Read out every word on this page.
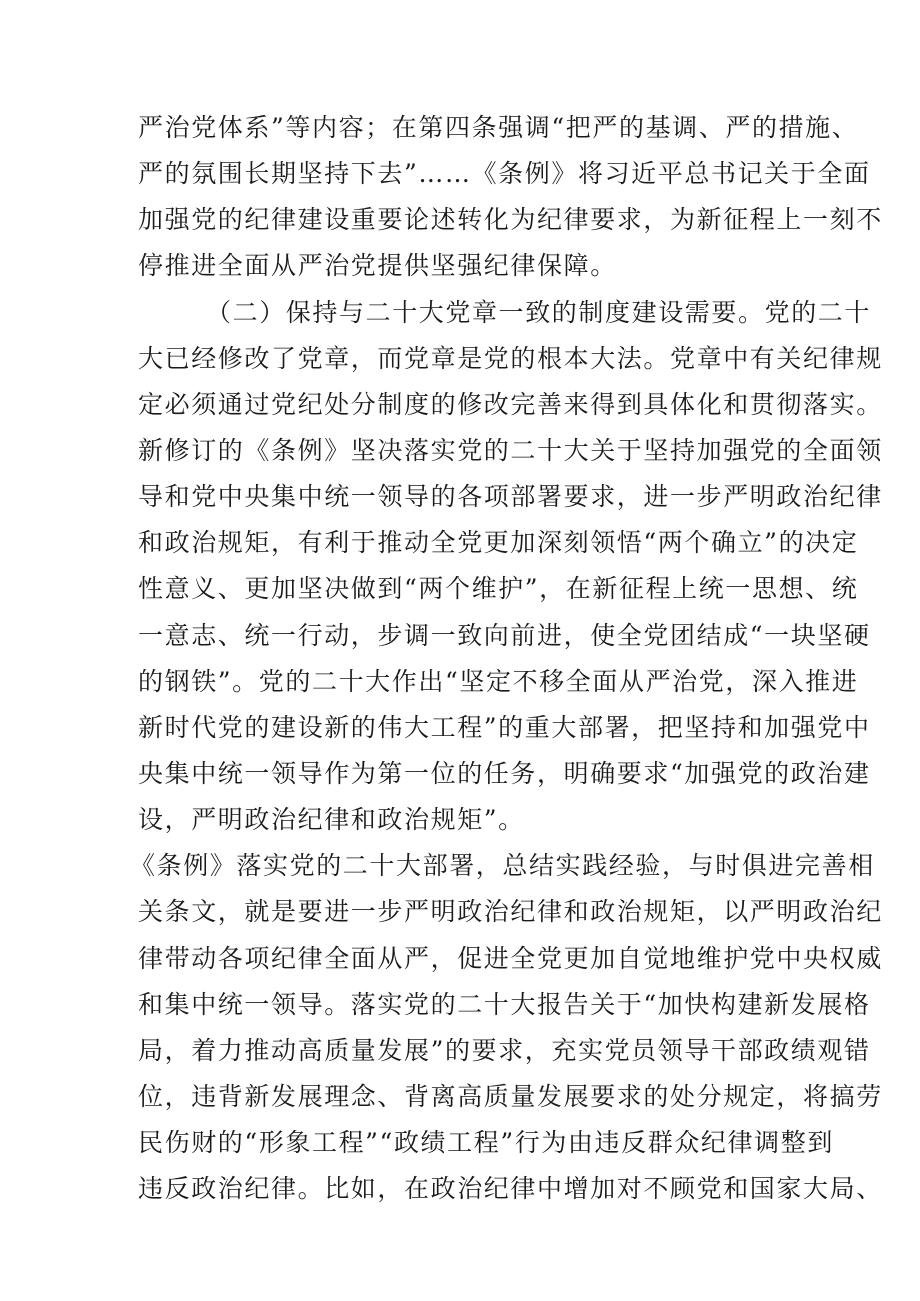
严治党体系”等内容；在第四条强调“把严的基调、严的措施、
严的氛围长期坚持下去”……《条例》将习近平总书记关于全面
加强党的纪律建设重要论述转化为纪律要求，为新征程上一刻不
停推进全面从严治党提供坚强纪律保障。
（二）保持与二十大党章一致的制度建设需要。党的二十
大已经修改了党章，而党章是党的根本大法。党章中有关纪律规
定必须通过党纪处分制度的修改完善来得到具体化和贯彻落实。
新修订的《条例》坚决落实党的二十大关于坚持加强党的全面领
导和党中央集中统一领导的各项部署要求，进一步严明政治纪律
和政治规矩，有利于推动全党更加深刻领悟“两个确立”的决定
性意义、更加坚决做到“两个维护”，在新征程上统一思想、统
一意志、统一行动，步调一致向前进，使全党团结成“一块坚硬
的钢铁”。党的二十大作出“坚定不移全面从严治党，深入推进
新时代党的建设新的伟大工程”的重大部署，把坚持和加强党中
央集中统一领导作为第一位的任务，明确要求“加强党的政治建
设，严明政治纪律和政治规矩”。
《条例》落实党的二十大部署，总结实践经验，与时俱进完善相
关条文，就是要进一步严明政治纪律和政治规矩，以严明政治纪
律带动各项纪律全面从严，促进全党更加自觉地维护党中央权威
和集中统一领导。落实党的二十大报告关于“加快构建新发展格
局，着力推动高质量发展”的要求，充实党员领导干部政绩观错
位，违背新发展理念、背离高质量发展要求的处分规定，将搞劳
民伤财的“形象工程”“政绩工程”行为由违反群众纪律调整到
违反政治纪律。比如，在政治纪律中增加对不顾党和国家大局、
